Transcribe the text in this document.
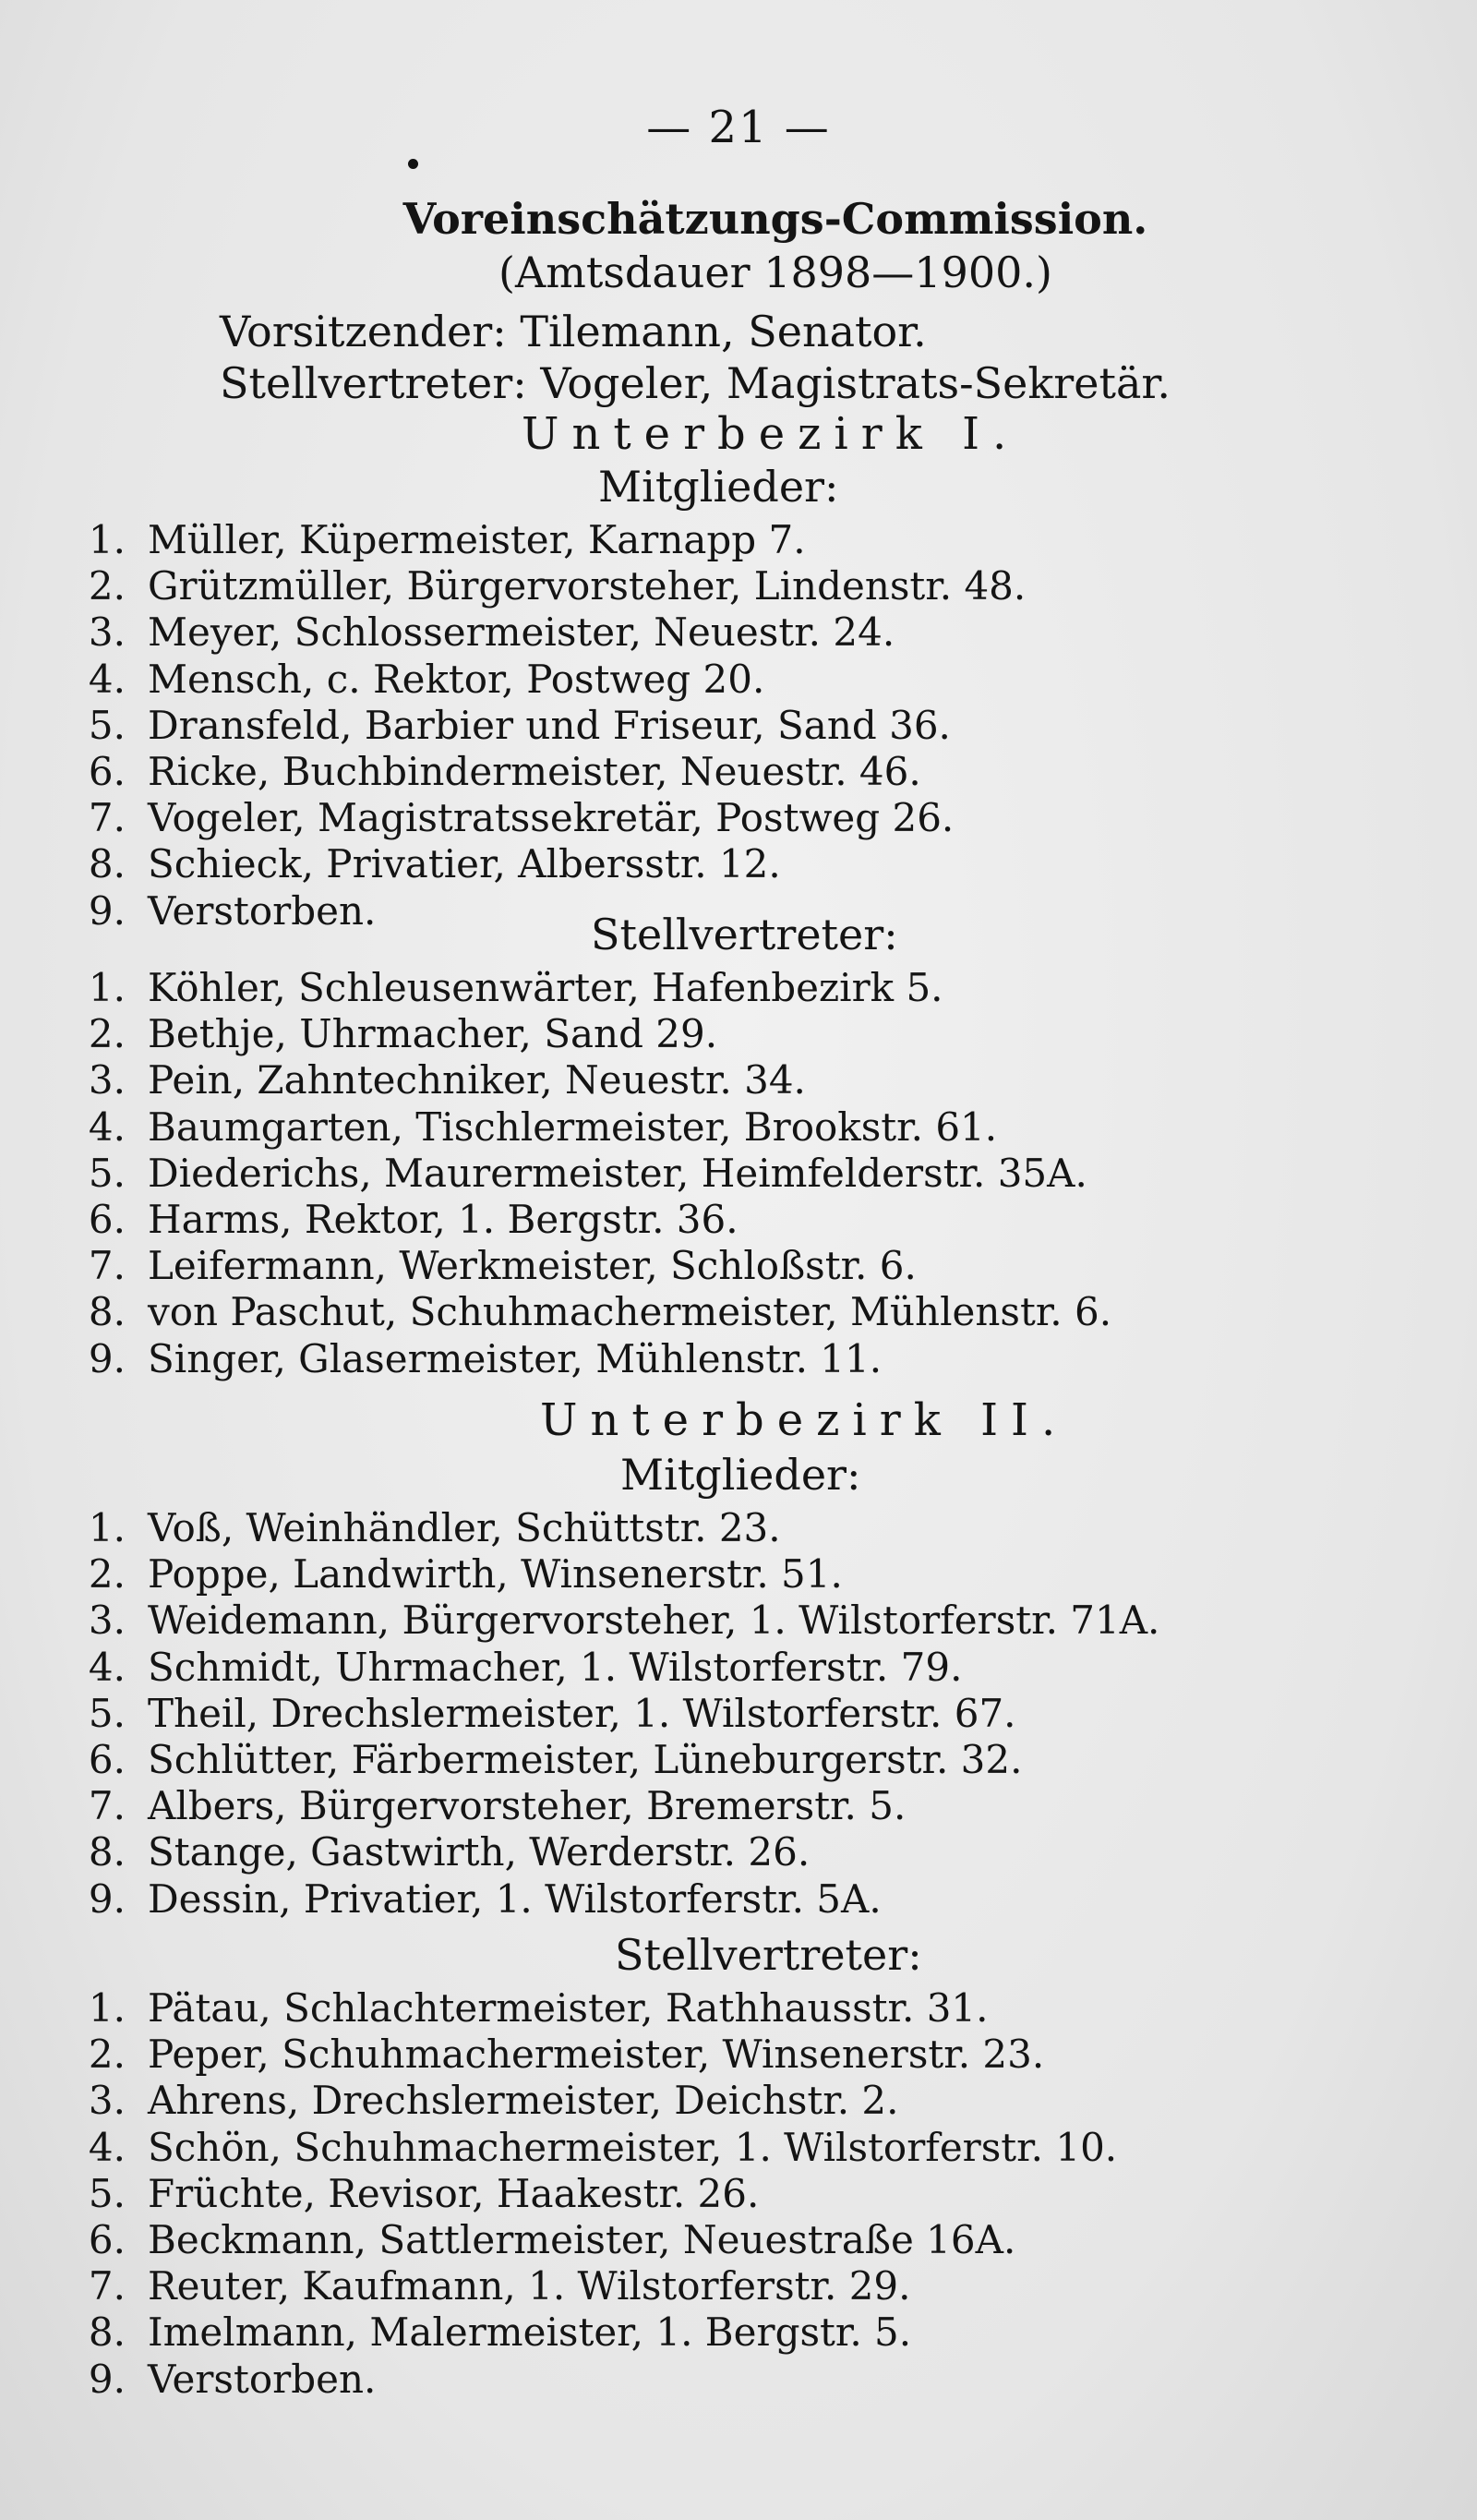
— 21 —
Voreinschätzungs-Commission.
(Amtsdauer 1898—1900.)
Vorsitzender: Tilemann, Senator.
Stellvertreter: Vogeler, Magistrats-Sekretär.
Unterbezirk I.
Mitglieder:
1. Müller, Küpermeister, Karnapp 7.
2. Grützmüller, Bürgervorsteher, Lindenstr. 48.
3. Meyer, Schlossermeister, Neuestr. 24.
4. Mensch, c. Rektor, Postweg 20.
5. Dransfeld, Barbier und Friseur, Sand 36.
6. Ricke, Buchbindermeister, Neuestr. 46.
7. Vogeler, Magistratssekretär, Postweg 26.
8. Schieck, Privatier, Albersstr. 12.
9. Verstorben.	Stellvertreter:
1. Köhler, Schleusenwärter, Hafenbezirk 5.
2. Bethje, Uhrmacher, Sand 29.
3. Pein, Zahntechniker, Neuestr. 34.
4. Baumgarten, Tischlermeister, Brookstr. 61.
5. Diederichs, Maurermeister, Heimfelderstr. 35A.
6. Harms, Rektor, 1. Bergstr. 36.
7. Leifermann, Werkmeister, Schloßstr. 6.
8. von Paschut, Schuhmachermeister, Mühlenstr. 6.
9. Singer, Glasermeister, Mühlenstr. 11.
Unterbezirk II.
Mitglieder:
1. Voß, Weinhändler, Schüttstr. 23.
2. Poppe, Landwirth, Winsenerstr. 51.
3. Weidemann, Bürgervorsteher, 1. Wilstorferstr. 71A.
4. Schmidt, Uhrmacher, 1. Wilstorferstr. 79.
5. Theil, Drechslermeister, 1. Wilstorferstr. 67.
6. Schlütter, Färbermeister, Lüneburgerstr. 32.
7. Albers, Bürgervorsteher, Bremerstr. 5.
8. Stange, Gastwirth, Werderstr. 26.
9. Dessin, Privatier, 1. Wilstorferstr. 5A.
Stellvertreter:
1. Pätau, Schlachtermeister, Rathhausstr. 31.
2. Peper, Schuhmachermeister, Winsenerstr. 23.
3. Ahrens, Drechslermeister, Deichstr. 2.
4. Schön, Schuhmachermeister, 1. Wilstorferstr. 10.
5. Früchte, Revisor, Haakestr. 26.
6. Beckmann, Sattlermeister, Neuestraße 16A.
7. Reuter, Kaufmann, 1. Wilstorferstr. 29.
8. Imelmann, Malermeister, 1. Bergstr. 5.
9. Verstorben.
